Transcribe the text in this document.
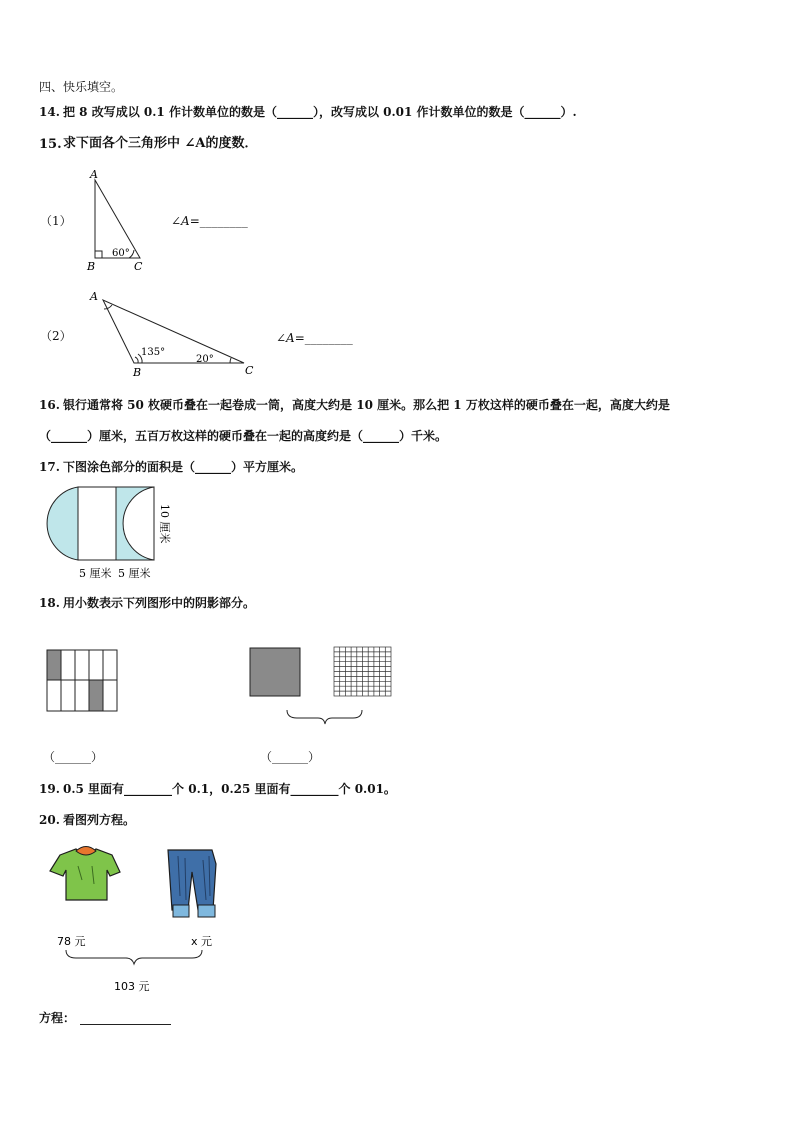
四、快乐填空。
14. 把 8 改写成以 0.1 作计数单位的数是（______），改写成以 0.01 作计数单位的数是（______）.
15. 求下面各个三角形中 ∠A的度数．
（1）
A
B	C
60°
∠A=________
（2）
A
B	C
135°
20°
∠A=________
16. 银行通常将 50 枚硬币叠在一起卷成一筒，高度大约是 10 厘米。那么把 1 万枚这样的硬币叠在一起，高度大约是
（______）厘米，五百万枚这样的硬币叠在一起的高度约是（______）千米。
17. 下图涂色部分的面积是（______）平方厘米。
5 厘米 5 厘米
10 厘米
18. 用小数表示下列图形中的阴影部分。
（______）	（______）
19. 0.5 里面有________个 0.1，0.25 里面有________个 0.01。
20. 看图列方程。
78 元	x 元
103 元
方程：
